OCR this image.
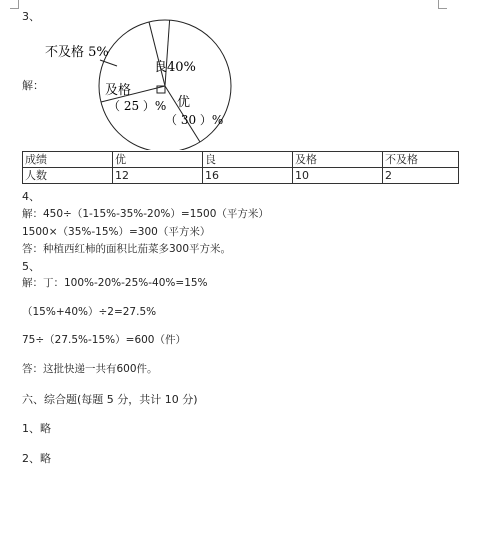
3、
解：
良40%
优
（ 30 ）%
及格
（ 25 ）%
不及格 5%
成绩	优	良	及格	不及格
人数	12	16	10	2
4、
解：450÷（1-15%-35%-20%）=1500（平方米）
1500×（35%-15%）=300（平方米）
答：种植西红柿的面积比茄菜多300平方米。
5、
解：丁：100%-20%-25%-40%=15%
（15%+40%）÷2=27.5%
75÷（27.5%-15%）=600（件）
答：这批快递一共有600件。
六、综合题(每题 5 分，共计 10 分)
1、略
2、略
